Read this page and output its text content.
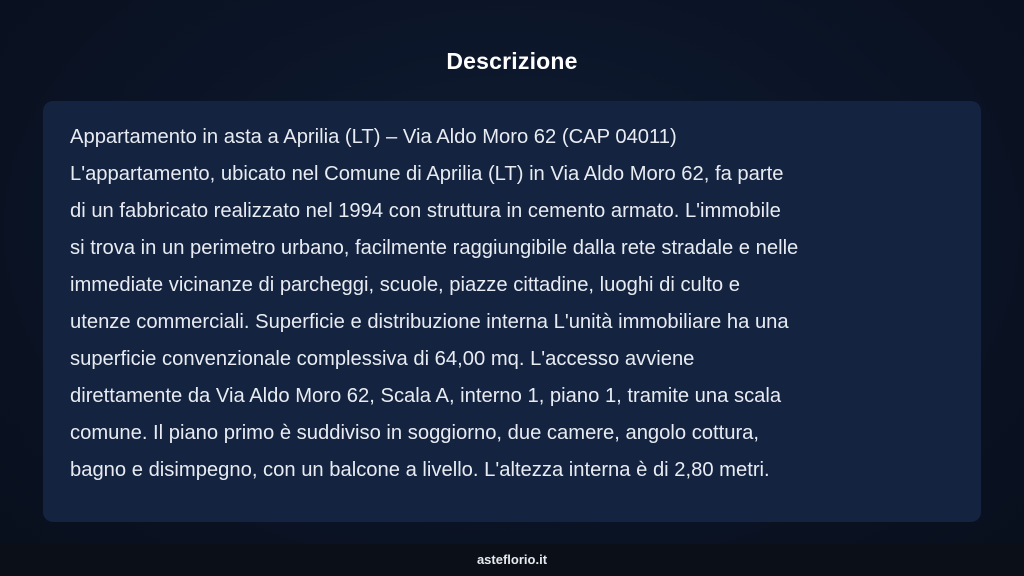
Descrizione

Appartamento in asta a Aprilia (LT) – Via Aldo Moro 62 (CAP 04011)
L'appartamento, ubicato nel Comune di Aprilia (LT) in Via Aldo Moro 62, fa parte
di un fabbricato realizzato nel 1994 con struttura in cemento armato. L'immobile
si trova in un perimetro urbano, facilmente raggiungibile dalla rete stradale e nelle
immediate vicinanze di parcheggi, scuole, piazze cittadine, luoghi di culto e
utenze commerciali. Superficie e distribuzione interna L'unità immobiliare ha una
superficie convenzionale complessiva di 64,00 mq. L'accesso avviene
direttamente da Via Aldo Moro 62, Scala A, interno 1, piano 1, tramite una scala
comune. Il piano primo è suddiviso in soggiorno, due camere, angolo cottura,
bagno e disimpegno, con un balcone a livello. L'altezza interna è di 2,80 metri.

asteflorio.it
